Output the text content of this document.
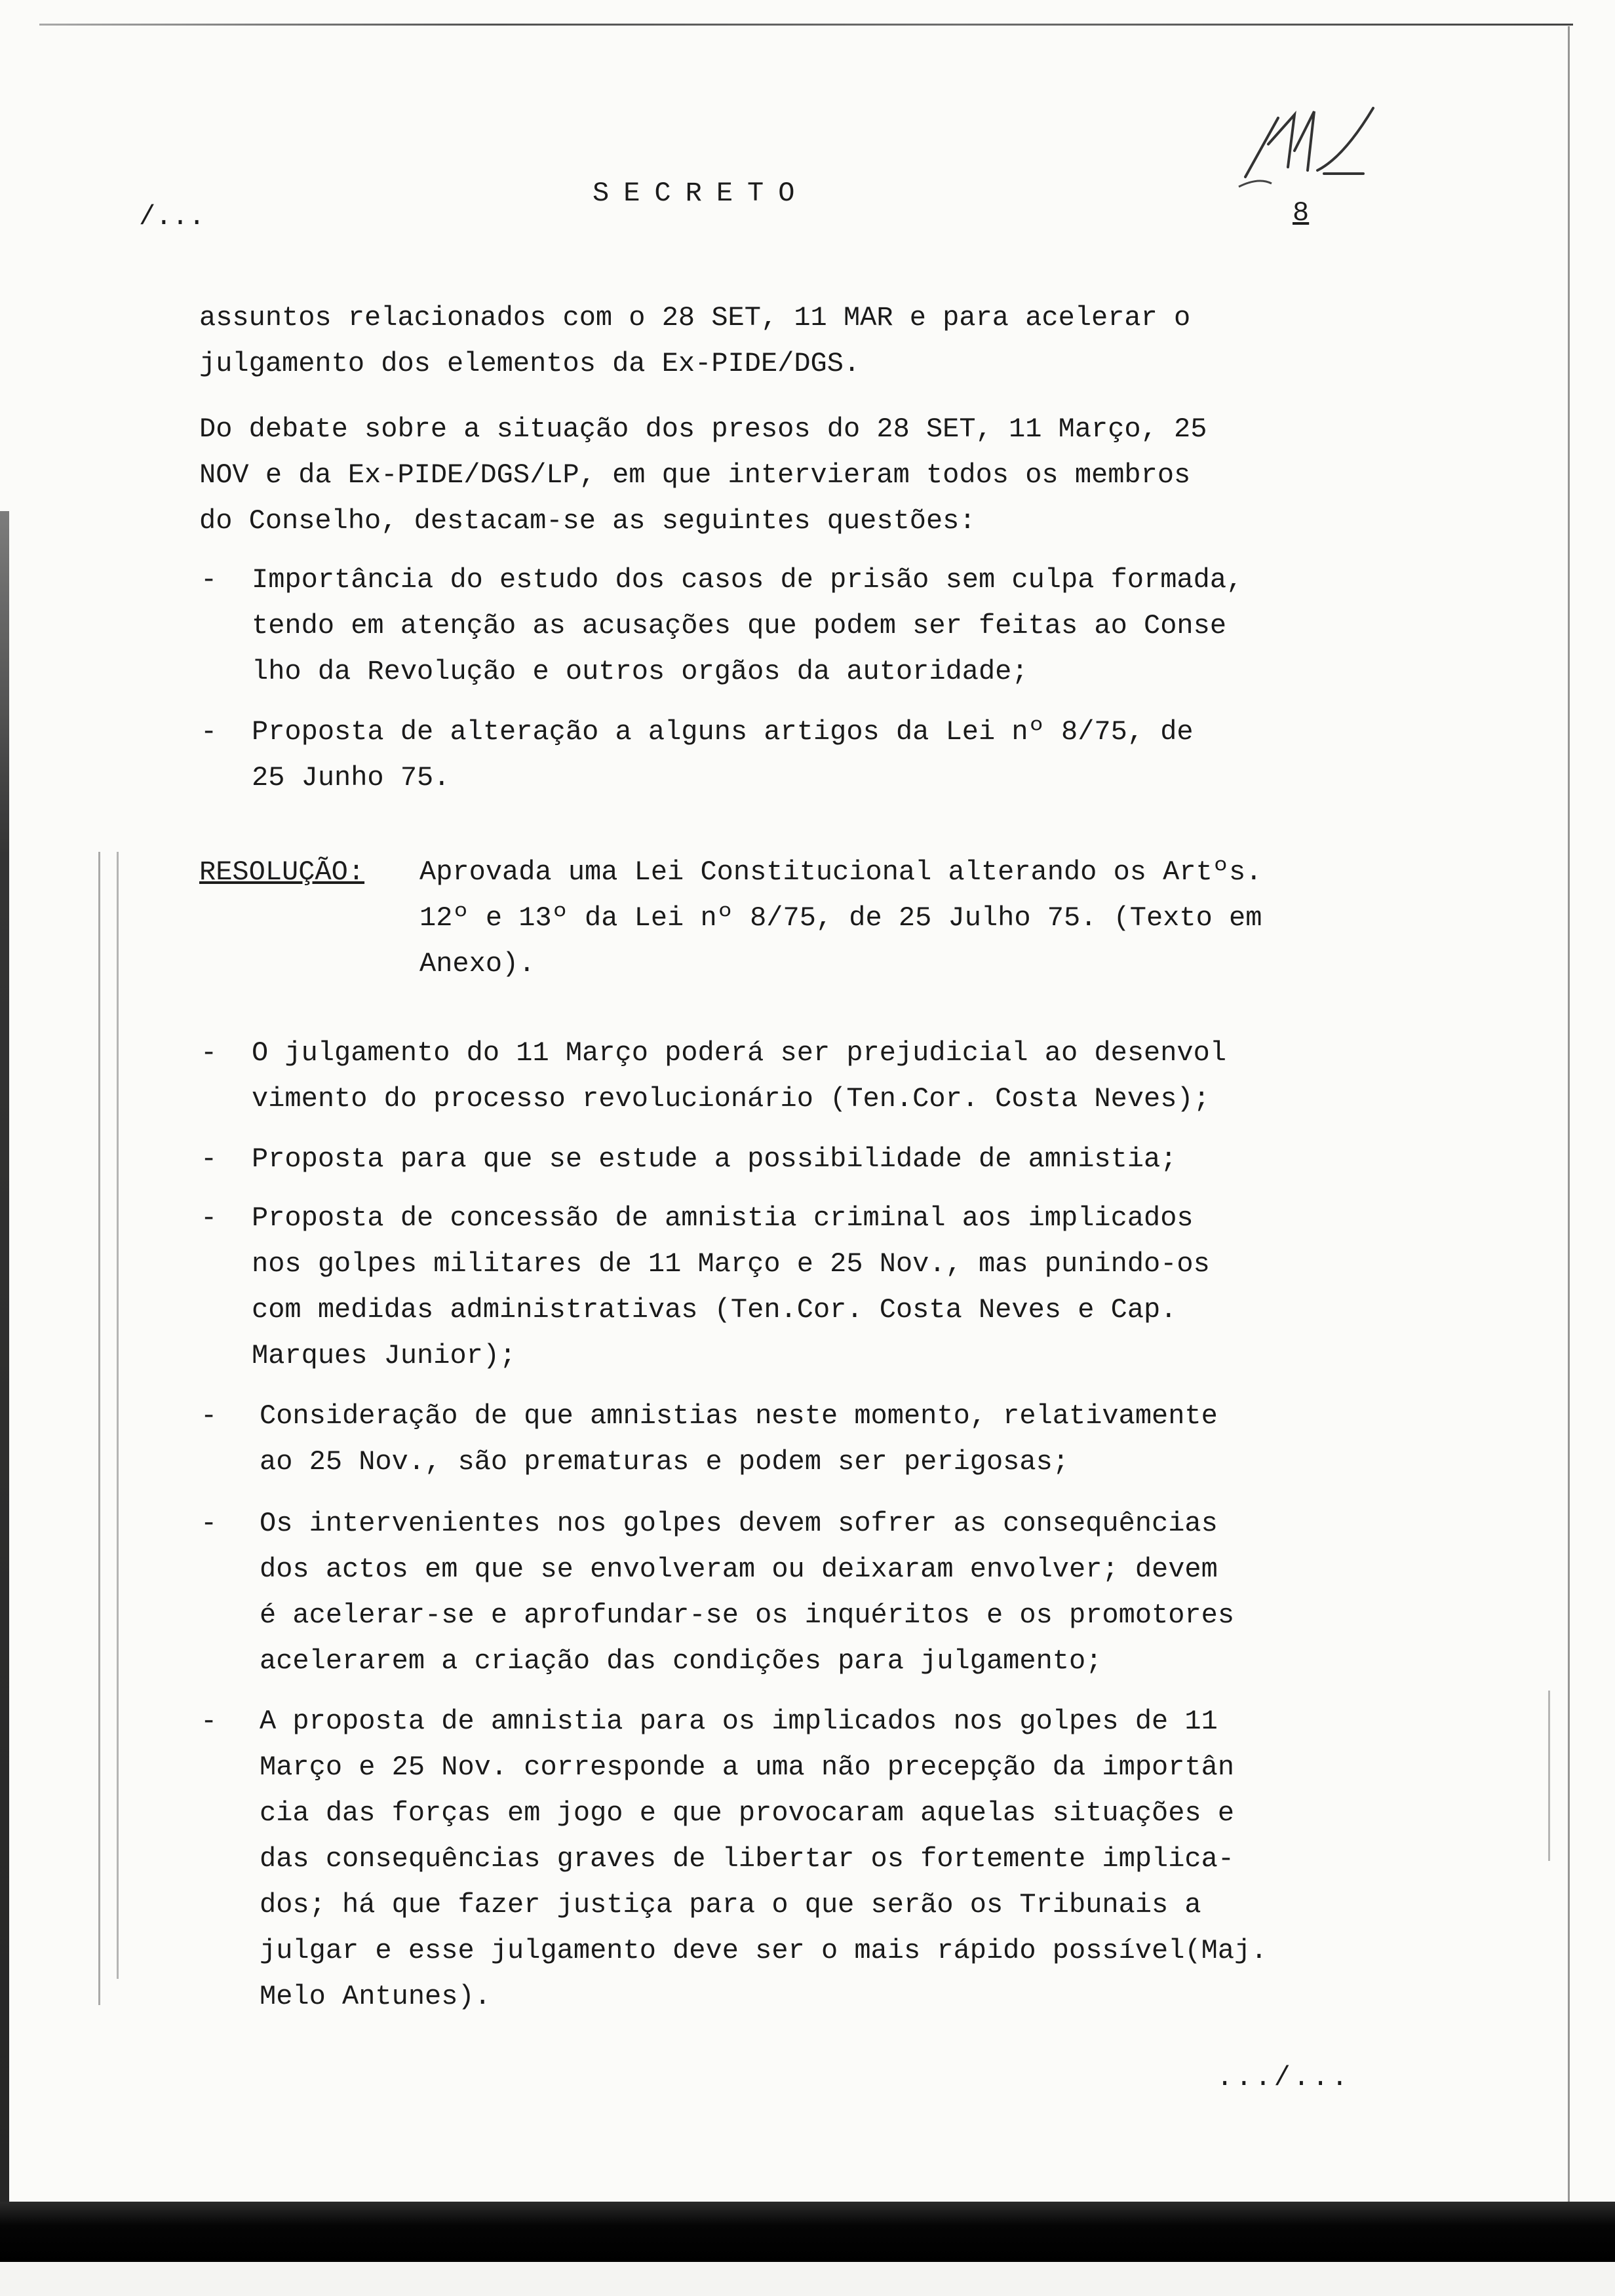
/...
SECRETO
8

assuntos relacionados com o 28 SET, 11 MAR e para acelerar o
julgamento dos elementos da Ex-PIDE/DGS.

Do debate sobre a situação dos presos do 28 SET, 11 Março, 25
NOV e da Ex-PIDE/DGS/LP, em que intervieram todos os membros
do Conselho, destacam-se as seguintes questões:

- Importância do estudo dos casos de prisão sem culpa formada,
tendo em atenção as acusações que podem ser feitas ao Conse
lho da Revolução e outros orgãos da autoridade;

- Proposta de alteração a alguns artigos da Lei nº 8/75, de
25 Junho 75.

RESOLUÇÃO: Aprovada uma Lei Constitucional alterando os Artºs.
12º e 13º da Lei nº 8/75, de 25 Julho 75. (Texto em
Anexo).

- O julgamento do 11 Março poderá ser prejudicial ao desenvol
vimento do processo revolucionário (Ten.Cor. Costa Neves);

- Proposta para que se estude a possibilidade de amnistia;

- Proposta de concessão de amnistia criminal aos implicados
nos golpes militares de 11 Março e 25 Nov., mas punindo-os
com medidas administrativas (Ten.Cor. Costa Neves e Cap.
Marques Junior);

- Consideração de que amnistias neste momento, relativamente
ao 25 Nov., são prematuras e podem ser perigosas;

- Os intervenientes nos golpes devem sofrer as consequências
dos actos em que se envolveram ou deixaram envolver; devem
é acelerar-se e aprofundar-se os inquéritos e os promotores
acelerarem a criação das condições para julgamento;

- A proposta de amnistia para os implicados nos golpes de 11
Março e 25 Nov. corresponde a uma não precepção da importân
cia das forças em jogo e que provocaram aquelas situações e
das consequências graves de libertar os fortemente implica-
dos; há que fazer justiça para o que serão os Tribunais a
julgar e esse julgamento deve ser o mais rápido possível(Maj.
Melo Antunes).

.../...
